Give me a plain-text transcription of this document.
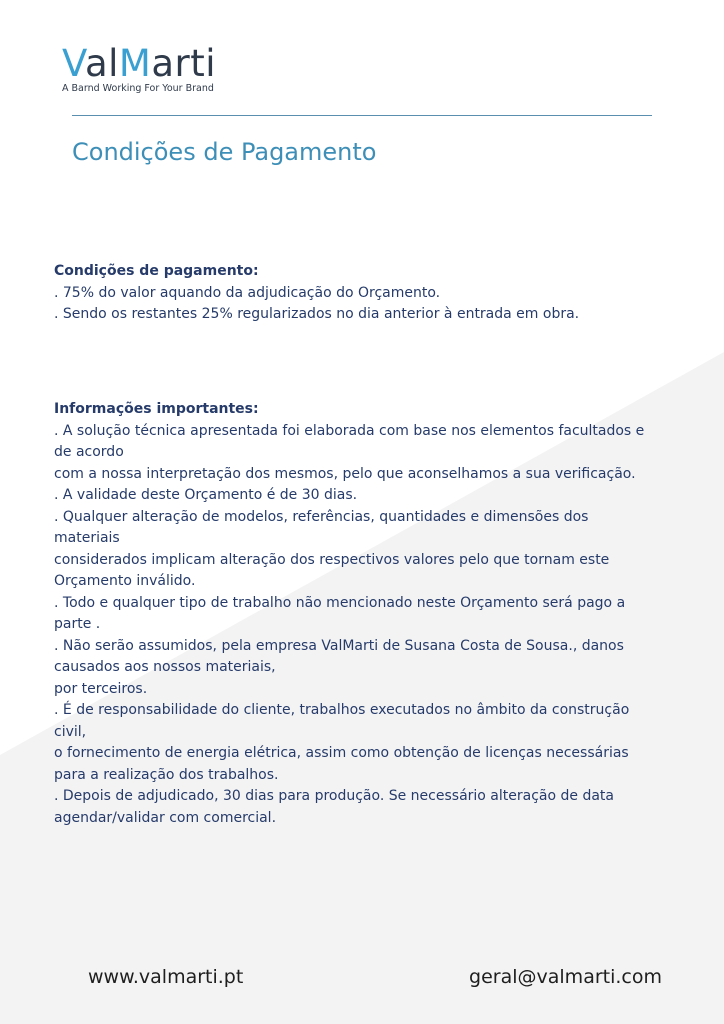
ValMarti
A Barnd Working For Your Brand
Condições de Pagamento
Condições de pagamento:

. 75% do valor aquando da adjudicação do Orçamento.

. Sendo os restantes 25% regularizados no dia anterior à entrada em obra.

Informações importantes:

. A solução técnica apresentada foi elaborada com base nos elementos facultados e

de acordo

com a nossa interpretação dos mesmos, pelo que aconselhamos a sua verificação.

. A validade deste Orçamento é de 30 dias.

. Qualquer alteração de modelos, referências, quantidades e dimensões dos

materiais

considerados implicam alteração dos respectivos valores pelo que tornam este

Orçamento inválido.

. Todo e qualquer tipo de trabalho não mencionado neste Orçamento será pago a

parte .

. Não serão assumidos, pela empresa ValMarti de Susana Costa de Sousa., danos

causados aos nossos materiais,

por terceiros.

. É de responsabilidade do cliente, trabalhos executados no âmbito da construção

civil,

o fornecimento de energia elétrica, assim como obtenção de licenças necessárias

para a realização dos trabalhos.

. Depois de adjudicado, 30 dias para produção. Se necessário alteração de data

agendar/validar com comercial.

www.valmarti.pt	geral@valmarti.com
